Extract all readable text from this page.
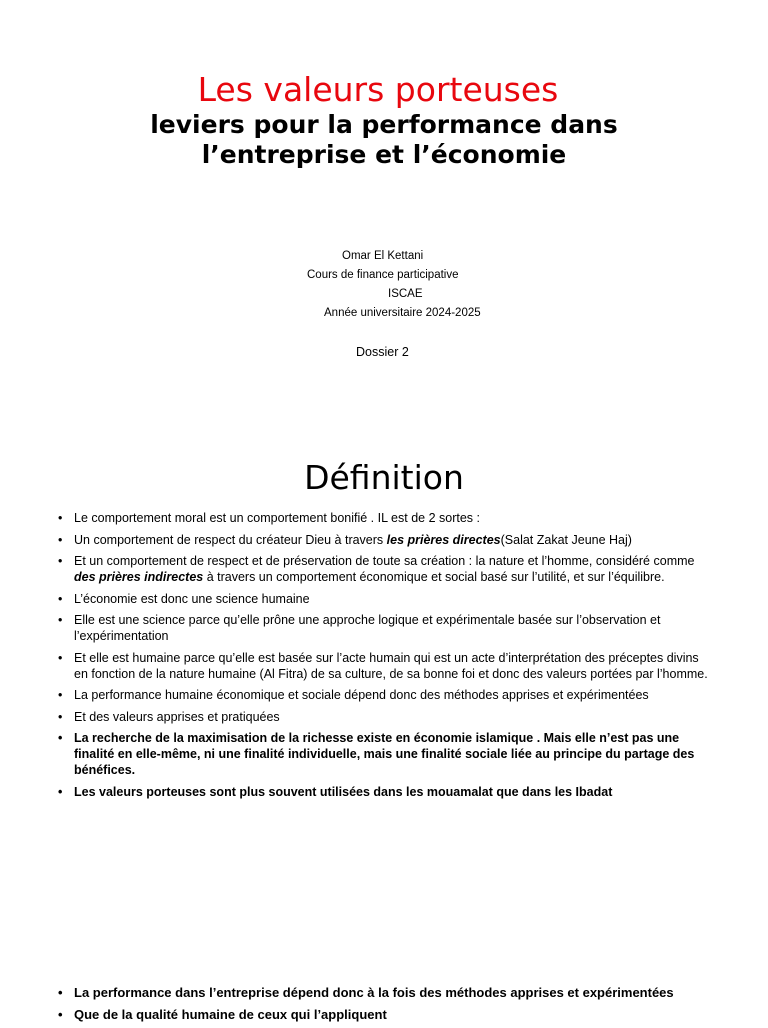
Les valeurs porteuses
leviers pour la performance dans
l’entreprise et l’économie
Omar El Kettani
Cours de finance participative
ISCAE
Année universitaire 2024-2025
Dossier 2
Définition
• Le comportement moral est un comportement bonifié . IL est de 2 sortes :
• Un comportement de respect du créateur Dieu à travers les prières directes(Salat Zakat Jeune Haj)
• Et un comportement de respect et de préservation de toute sa création : la nature et l’homme, considéré comme des prières indirectes à travers un comportement économique et social basé sur l’utilité, et sur l’équilibre.
• L’économie est donc une science humaine
• Elle est une science parce qu’elle prône une approche logique et expérimentale basée sur l’observation et l’expérimentation
• Et elle est humaine parce qu’elle est basée sur l’acte humain qui est un acte d’interprétation des préceptes divins en fonction de la nature humaine (Al Fitra) de sa culture, de sa bonne foi et donc des valeurs portées par l’homme.
• La performance humaine économique et sociale dépend donc des méthodes apprises et expérimentées
• Et des valeurs apprises et pratiquées
• La recherche de la maximisation de la richesse existe en économie islamique . Mais elle n’est pas une finalité en elle-même, ni une finalité individuelle, mais une finalité sociale liée au principe du partage des bénéfices.
• Les valeurs porteuses sont plus souvent utilisées dans les mouamalat que dans les Ibadat
• La performance dans l’entreprise dépend donc à la fois des méthodes apprises et expérimentées
• Que de la qualité humaine de ceux qui l’appliquent
